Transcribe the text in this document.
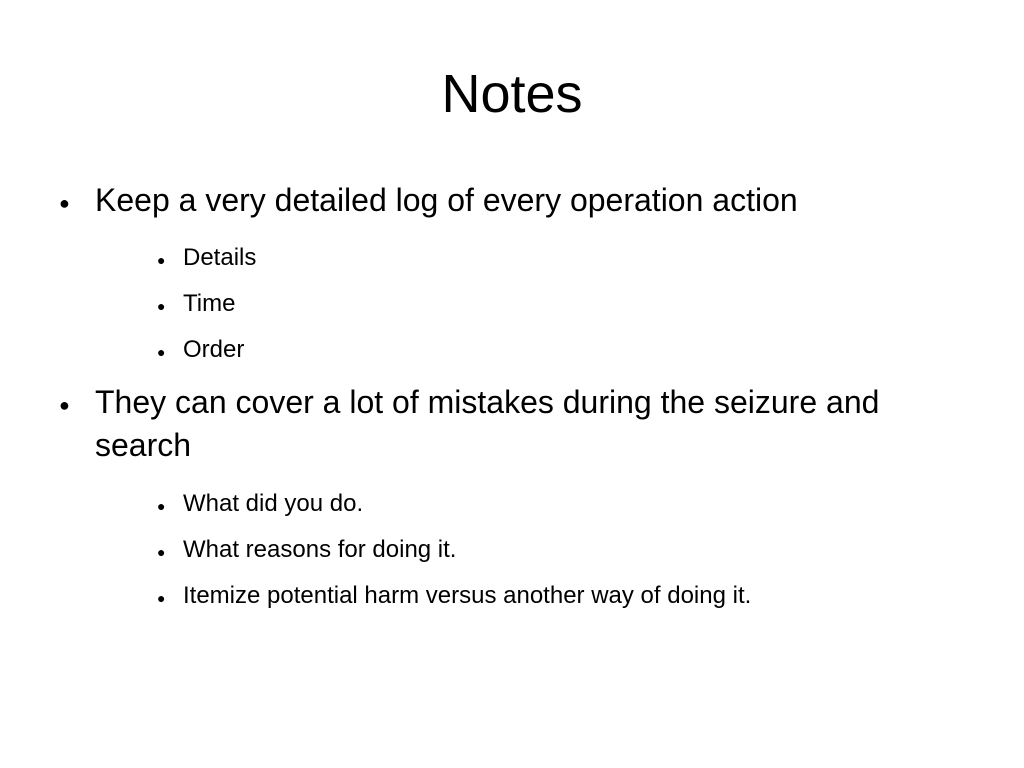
Notes
● Keep a very detailed log of every operation action
● Details
● Time
● Order
● They can cover a lot of mistakes during the seizure and search
● What did you do.
● What reasons for doing it.
● Itemize potential harm versus another way of doing it.
